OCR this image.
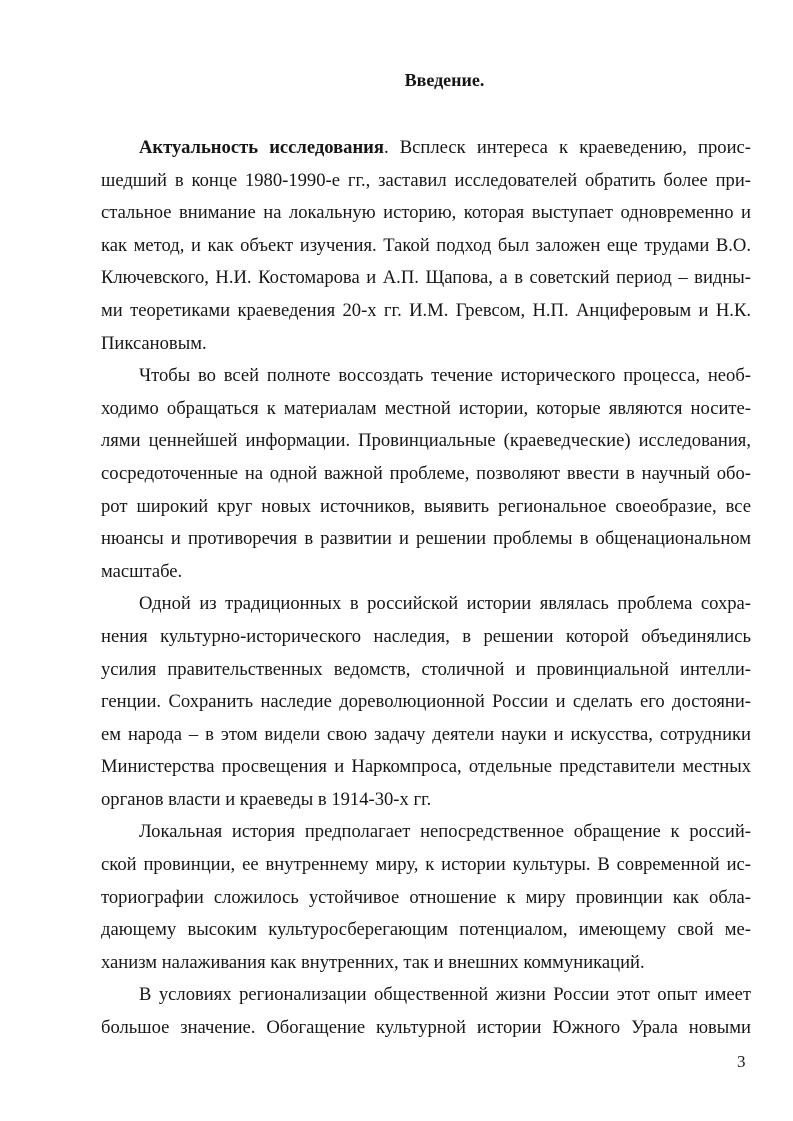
Введение.
Актуальность исследования. Всплеск интереса к краеведению, проис-
шедший в конце 1980-1990-е гг., заставил исследователей обратить более при-
стальное внимание на локальную историю, которая выступает одновременно и
как метод, и как объект изучения. Такой подход был заложен еще трудами В.О.
Ключевского, Н.И. Костомарова и А.П. Щапова, а в советский период – видны-
ми теоретиками краеведения 20-х гг. И.М. Гревсом, Н.П. Анциферовым и Н.К.
Пиксановым.
Чтобы во всей полноте воссоздать течение исторического процесса, необ-
ходимо обращаться к материалам местной истории, которые являются носите-
лями ценнейшей информации. Провинциальные (краеведческие) исследования,
сосредоточенные на одной важной проблеме, позволяют ввести в научный обо-
рот широкий круг новых источников, выявить региональное своеобразие, все
нюансы и противоречия в развитии и решении проблемы в общенациональном
масштабе.
Одной из традиционных в российской истории являлась проблема сохра-
нения культурно-исторического наследия, в решении которой объединялись
усилия правительственных ведомств, столичной и провинциальной интелли-
генции. Сохранить наследие дореволюционной России и сделать его достояни-
ем народа – в этом видели свою задачу деятели науки и искусства, сотрудники
Министерства просвещения и Наркомпроса, отдельные представители местных
органов власти и краеведы в 1914-30-х гг.
Локальная история предполагает непосредственное обращение к россий-
ской провинции, ее внутреннему миру, к истории культуры. В современной ис-
ториографии сложилось устойчивое отношение к миру провинции как обла-
дающему высоким культуросберегающим потенциалом, имеющему свой ме-
ханизм налаживания как внутренних, так и внешних коммуникаций.
В условиях регионализации общественной жизни России этот опыт имеет
большое значение. Обогащение культурной истории Южного Урала новыми
3
